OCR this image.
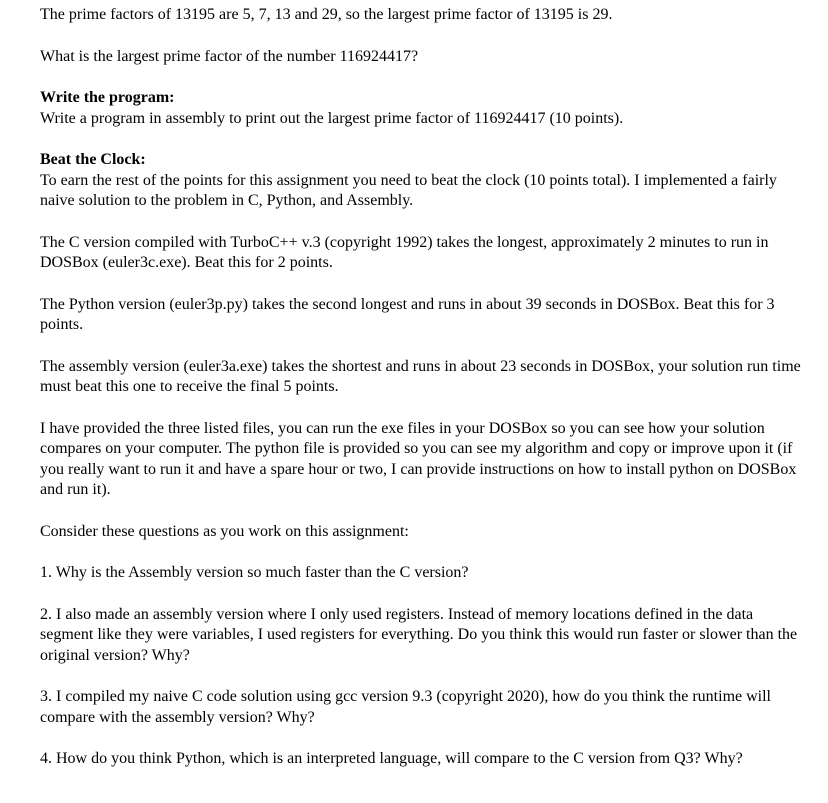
The prime factors of 13195 are 5, 7, 13 and 29, so the largest prime factor of 13195 is 29.

What is the largest prime factor of the number 116924417?

Write the program:
Write a program in assembly to print out the largest prime factor of 116924417 (10 points).

Beat the Clock:
To earn the rest of the points for this assignment you need to beat the clock (10 points total). I implemented a fairly naive solution to the problem in C, Python, and Assembly.

The C version compiled with TurboC++ v.3 (copyright 1992) takes the longest, approximately 2 minutes to run in DOSBox (euler3c.exe). Beat this for 2 points.

The Python version (euler3p.py) takes the second longest and runs in about 39 seconds in DOSBox. Beat this for 3 points.

The assembly version (euler3a.exe) takes the shortest and runs in about 23 seconds in DOSBox, your solution run time must beat this one to receive the final 5 points.

I have provided the three listed files, you can run the exe files in your DOSBox so you can see how your solution compares on your computer. The python file is provided so you can see my algorithm and copy or improve upon it (if you really want to run it and have a spare hour or two, I can provide instructions on how to install python on DOSBox and run it).

Consider these questions as you work on this assignment:

1. Why is the Assembly version so much faster than the C version?

2. I also made an assembly version where I only used registers. Instead of memory locations defined in the data segment like they were variables, I used registers for everything. Do you think this would run faster or slower than the original version? Why?

3. I compiled my naive C code solution using gcc version 9.3 (copyright 2020), how do you think the runtime will compare with the assembly version? Why?

4. How do you think Python, which is an interpreted language, will compare to the C version from Q3? Why?
